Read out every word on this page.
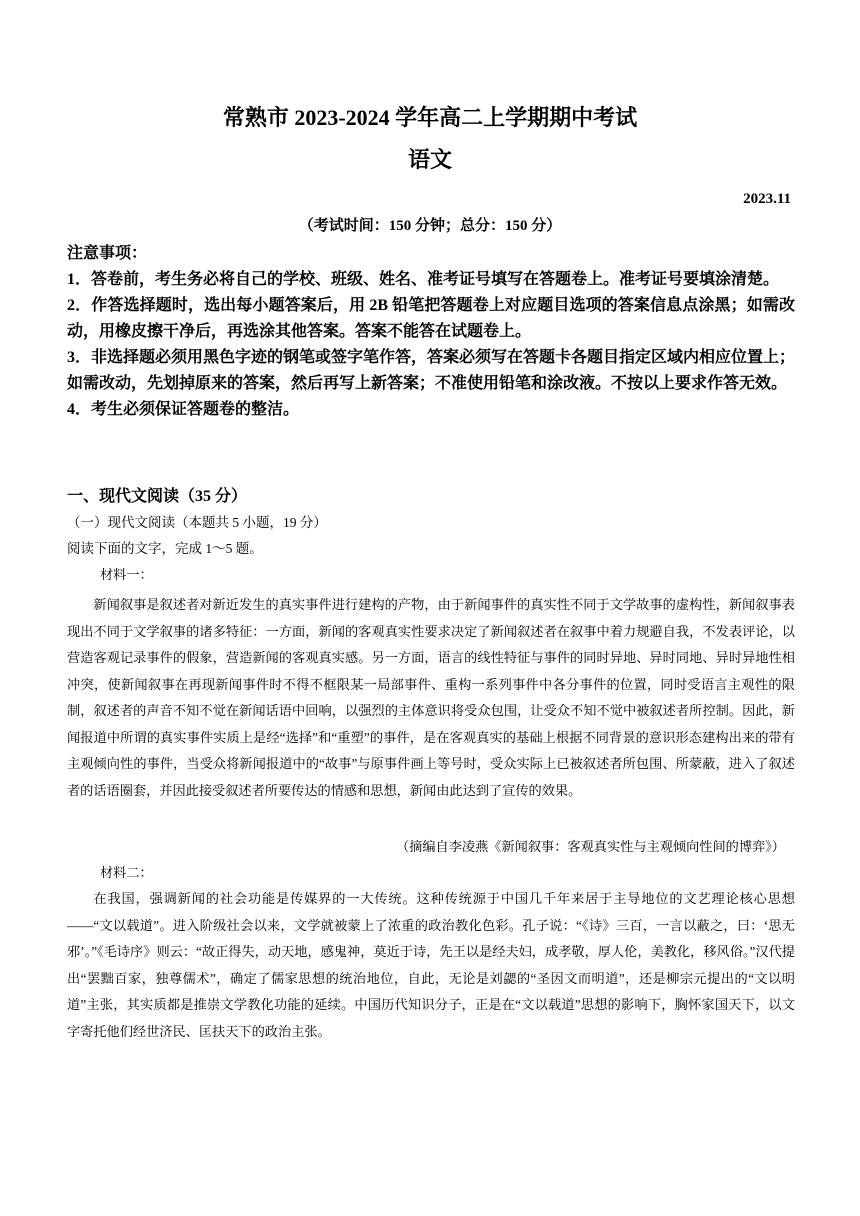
常熟市 2023-2024 学年高二上学期期中考试
语文
2023.11
（考试时间：150 分钟；总分：150 分）

注意事项：

1．答卷前，考生务必将自己的学校、班级、姓名、准考证号填写在答题卷上。准考证号要填涂清楚。

2．作答选择题时，选出每小题答案后，用 2B 铅笔把答题卷上对应题目选项的答案信息点涂黑；如需改动，用橡皮擦干净后，再选涂其他答案。答案不能答在试题卷上。

3．非选择题必须用黑色字迹的钢笔或签字笔作答，答案必须写在答题卡各题目指定区域内相应位置上；如需改动，先划掉原来的答案，然后再写上新答案；不准使用铅笔和涂改液。不按以上要求作答无效。

4．考生必须保证答题卷的整洁。

一、现代文阅读（35 分）
（一）现代文阅读（本题共 5 小题，19 分）
阅读下面的文字，完成 1～5 题。
材料一：

新闻叙事是叙述者对新近发生的真实事件进行建构的产物，由于新闻事件的真实性不同于文学故事的虚构性，新闻叙事表现出不同于文学叙事的诸多特征：一方面，新闻的客观真实性要求决定了新闻叙述者在叙事中着力规避自我，不发表评论，以营造客观记录事件的假象，营造新闻的客观真实感。另一方面，语言的线性特征与事件的同时异地、异时同地、异时异地性相冲突，使新闻叙事在再现新闻事件时不得不框限某一局部事件、重构一系列事件中各分事件的位置，同时受语言主观性的限制，叙述者的声音不知不觉在新闻话语中回响，以强烈的主体意识将受众包围，让受众不知不觉中被叙述者所控制。因此，新闻报道中所谓的真实事件实质上是经“选择”和“重塑”的事件，是在客观真实的基础上根据不同背景的意识形态建构出来的带有主观倾向性的事件，当受众将新闻报道中的“故事”与原事件画上等号时，受众实际上已被叙述者所包围、所蒙蔽，进入了叙述者的话语圈套，并因此接受叙述者所要传达的情感和思想，新闻由此达到了宣传的效果。

（摘编自李凌燕《新闻叙事：客观真实性与主观倾向性间的博弈》）
材料二：

在我国，强调新闻的社会功能是传媒界的一大传统。这种传统源于中国几千年来居于主导地位的文艺理论核心思想——“文以载道”。进入阶级社会以来，文学就被蒙上了浓重的政治教化色彩。孔子说：“《诗》三百，一言以蔽之，曰：‘思无邪’。”《毛诗序》则云：“故正得失，动天地，感鬼神，莫近于诗，先王以是经夫妇，成孝敬，厚人伦，美教化，移风俗。”汉代提出“罢黜百家，独尊儒术”，确定了儒家思想的统治地位，自此，无论是刘勰的“圣因文而明道”，还是柳宗元提出的“文以明道”主张，其实质都是推崇文学教化功能的延续。中国历代知识分子，正是在“文以载道”思想的影响下，胸怀家国天下，以文字寄托他们经世济民、匡扶天下的政治主张。
